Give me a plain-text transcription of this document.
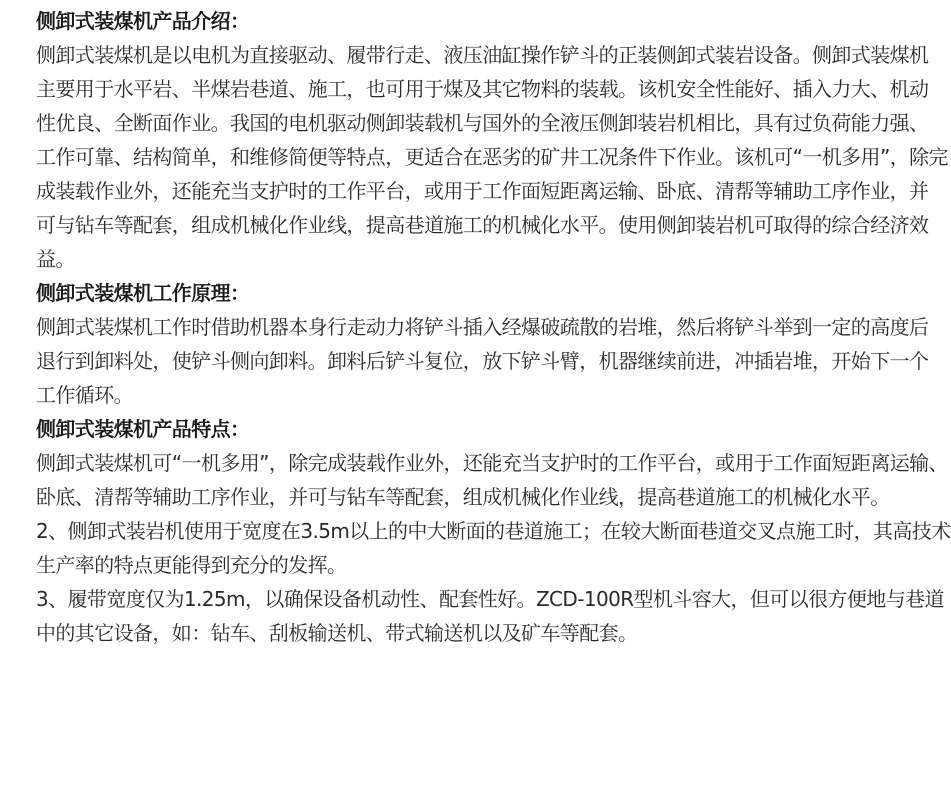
侧卸式装煤机产品介绍：
侧卸式装煤机是以电机为直接驱动、履带行走、液压油缸操作铲斗的正装侧卸式装岩设备。侧卸式装煤机
主要用于水平岩、半煤岩巷道、施工，也可用于煤及其它物料的装载。该机安全性能好、插入力大、机动
性优良、全断面作业。我国的电机驱动侧卸装载机与国外的全液压侧卸装岩机相比，具有过负荷能力强、
工作可靠、结构简单，和维修简便等特点，更适合在恶劣的矿井工况条件下作业。该机可“一机多用”，除完
成装载作业外，还能充当支护时的工作平台，或用于工作面短距离运输、卧底、清帮等辅助工序作业，并
可与钻车等配套，组成机械化作业线，提高巷道施工的机械化水平。使用侧卸装岩机可取得的综合经济效
益。
侧卸式装煤机工作原理：
侧卸式装煤机工作时借助机器本身行走动力将铲斗插入经爆破疏散的岩堆，然后将铲斗举到一定的高度后
退行到卸料处，使铲斗侧向卸料。卸料后铲斗复位，放下铲斗臂，机器继续前进，冲插岩堆，开始下一个
工作循环。
侧卸式装煤机产品特点：
侧卸式装煤机可“一机多用”，除完成装载作业外，还能充当支护时的工作平台，或用于工作面短距离运输、
卧底、清帮等辅助工序作业，并可与钻车等配套，组成机械化作业线，提高巷道施工的机械化水平。
2、侧卸式装岩机使用于宽度在3.5m以上的中大断面的巷道施工；在较大断面巷道交叉点施工时，其高技术
生产率的特点更能得到充分的发挥。
3、履带宽度仅为1.25m，以确保设备机动性、配套性好。ZCD-100R型机斗容大，但可以很方便地与巷道
中的其它设备，如：钻车、刮板输送机、带式输送机以及矿车等配套。
